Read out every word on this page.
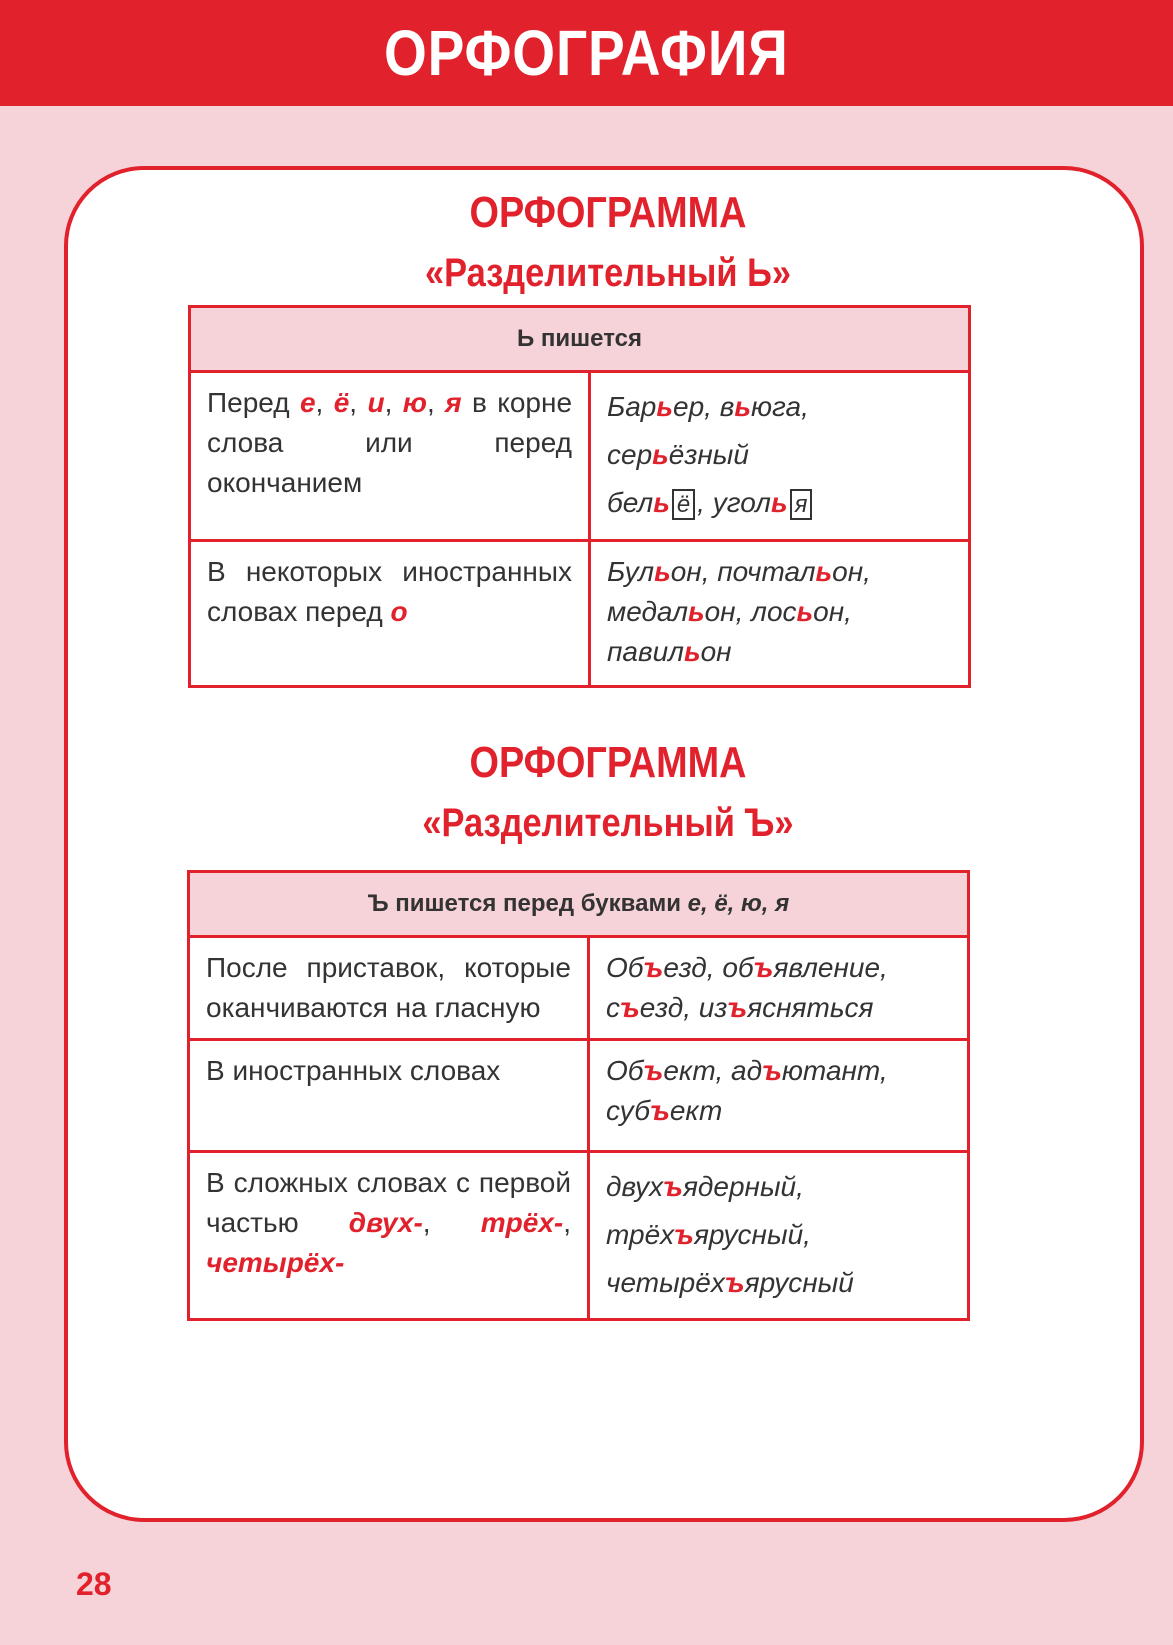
ОРФОГРАФИЯ
ОРФОГРАММА
«Разделительный Ь»
Ь пишется	
Перед е, ё, и, ю, я в корне слова или перед окончанием	Барьер, вьюга, серьёзный
бель ё , уголь я
В некоторых иностранных словах перед о	Бульон, почтальон,
медальон, лосьон,
павильон
ОРФОГРАММА
«Разделительный Ъ»
Ъ пишется перед буквами е, ё, ю, я	
После приставок, которые оканчиваются на гласную	Объезд, объявление,
съезд, изъясняться
В иностранных словах	Объект, адъютант,
субъект
В сложных словах с первой частью двух-, трёх-, четырёх-	двухъядерный,
трёхъярусный,
четырёхъярусный
28
